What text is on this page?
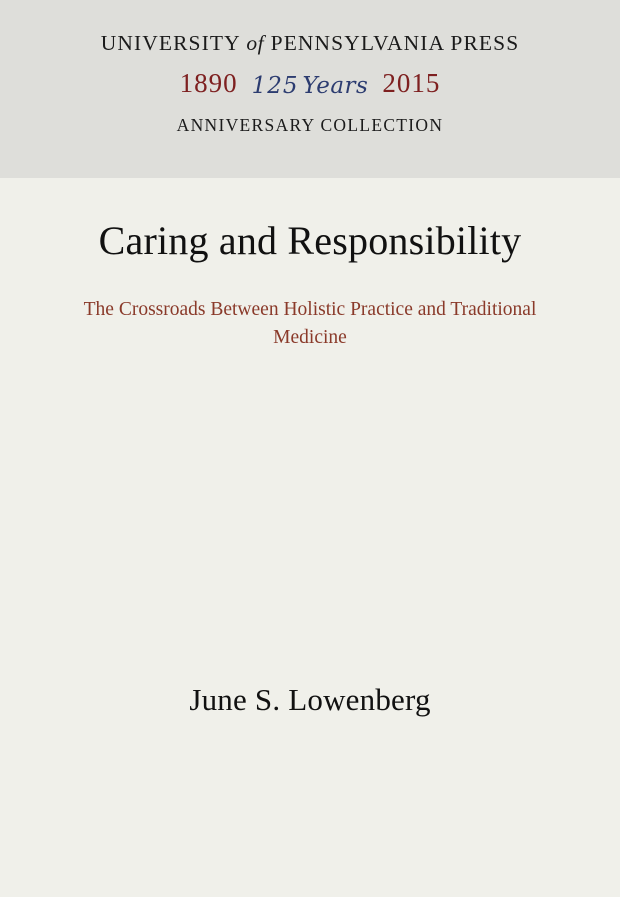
UNIVERSITY of PENNSYLVANIA PRESS
1890 125 Years 2015
ANNIVERSARY COLLECTION
Caring and Responsibility
The Crossroads Between Holistic Practice and Traditional Medicine
June S. Lowenberg
